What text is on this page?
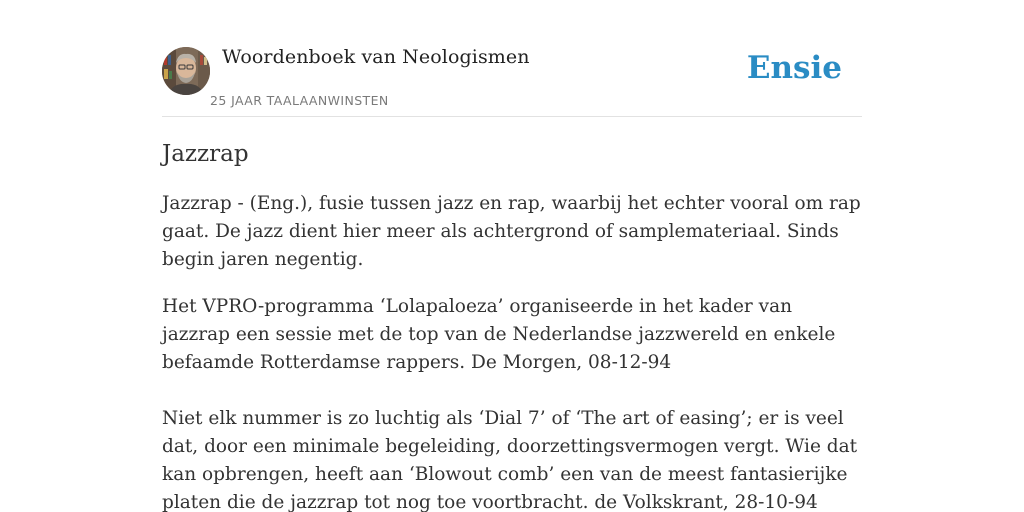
Woordenboek van Neologismen
25 JAAR TAALAANWINSTEN
Ensie
Jazzrap

Jazzrap - (Eng.), fusie tussen jazz en rap, waarbij het echter vooral om rap gaat. De jazz dient hier meer als achtergrond of samplemateriaal. Sinds begin jaren negentig.

Het VPRO-programma ‘Lolapaloeza’ organiseerde in het kader van jazzrap een sessie met de top van de Nederlandse jazzwereld en enkele befaamde Rotterdamse rappers. De Morgen, 08-12-94

Niet elk nummer is zo luchtig als ‘Dial 7’ of ‘The art of easing’; er is veel dat, door een minimale begeleiding, doorzettingsvermogen vergt. Wie dat kan opbrengen, heeft aan ‘Blowout comb’ een van de meest fantasierijke platen die de jazzrap tot nog toe voortbracht. de Volkskrant, 28-10-94
